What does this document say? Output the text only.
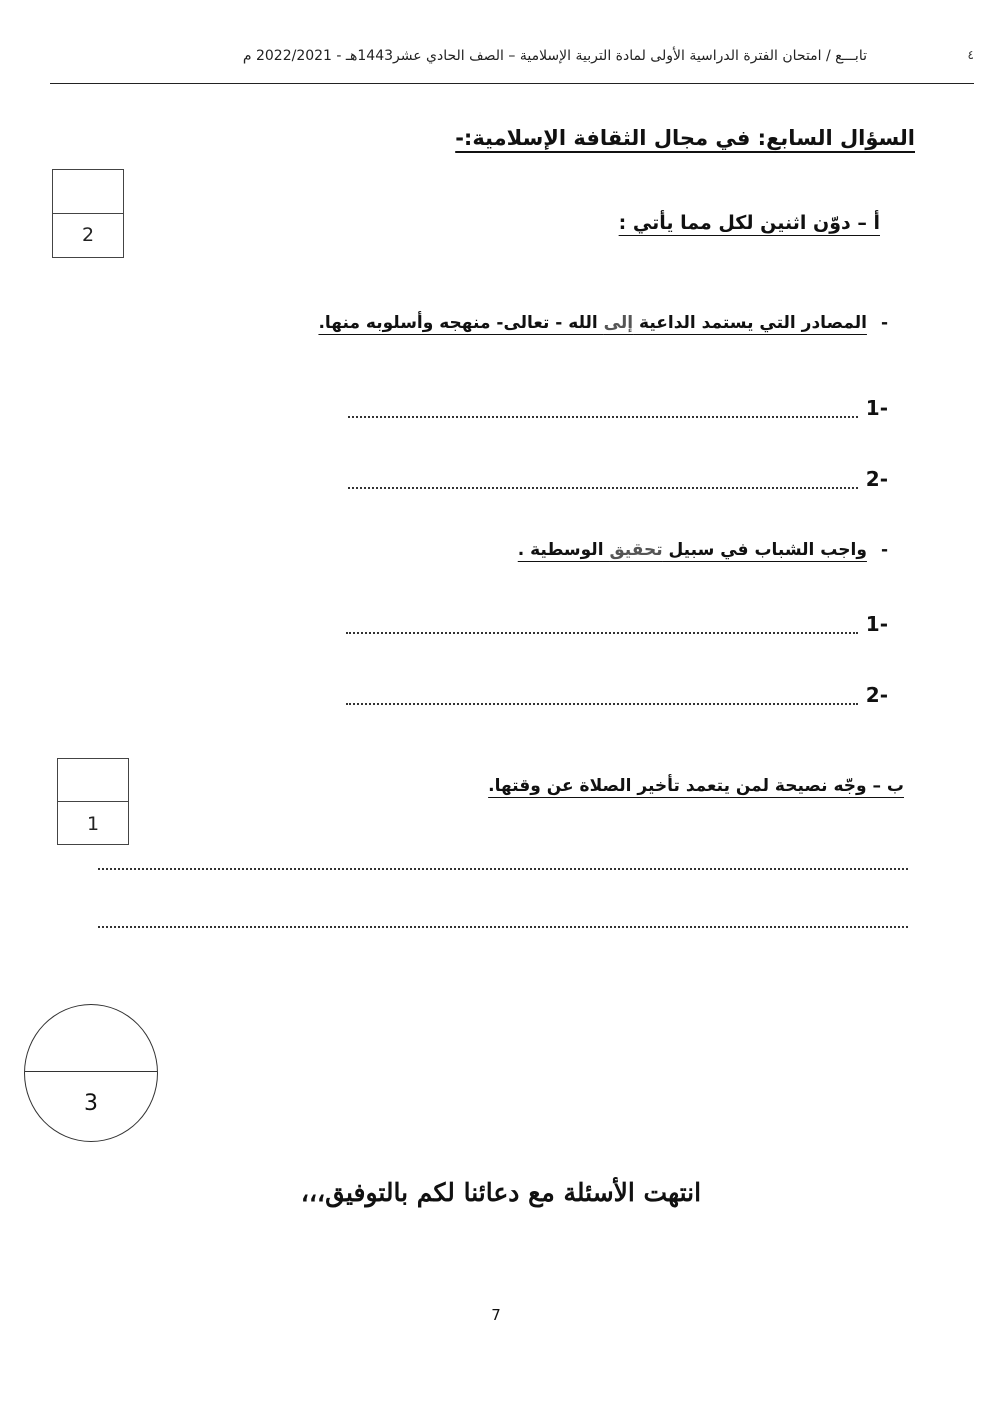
تابـــع / امتحان الفترة الدراسية الأولى لمادة التربية الإسلامية – الصف الحادي عشر1443هـ - 2022/2021 م	٤
السؤال السابع: في مجال الثقافة الإسلامية:-
2
أ – دوّن اثنين لكل مما يأتي :
-المصادر التي يستمد الداعية إلى الله - تعالى- منهجه وأسلوبه منها.
1-
2-
-واجب الشباب في سبيل تحقيق الوسطية .
1-
2-
1
ب – وجّه نصيحة لمن يتعمد تأخير الصلاة عن وقتها.
3
انتهت الأسئلة مع دعائنا لكم بالتوفيق،،،
7
